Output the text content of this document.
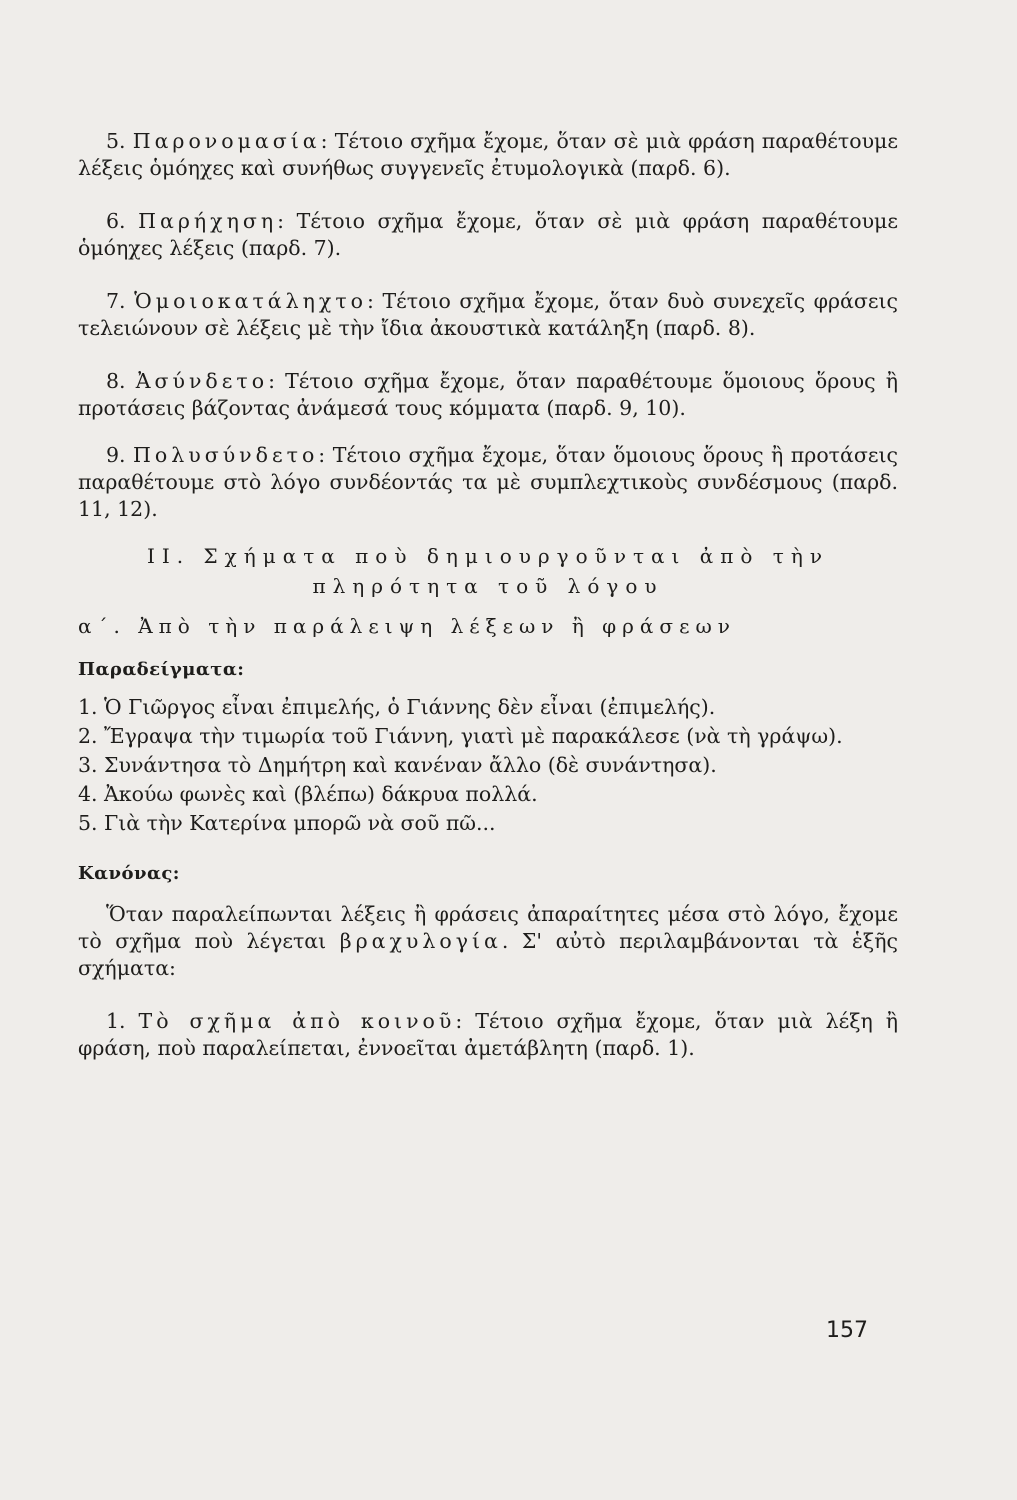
5. Παρονομασία: Τέτοιο σχῆμα ἔχομε, ὅταν σὲ μιὰ φράση παραθέτουμε λέξεις ὁμόηχες καὶ συνήθως συγγενεῖς ἐτυμολογικὰ (παρδ. 6).

6. Παρήχηση: Τέτοιο σχῆμα ἔχομε, ὅταν σὲ μιὰ φράση παραθέτουμε ὁμόηχες λέξεις (παρδ. 7).

7. Ὁμοιοκατάληχτο: Τέτοιο σχῆμα ἔχομε, ὅταν δυὸ συνεχεῖς φράσεις τελειώνουν σὲ λέξεις μὲ τὴν ἴδια ἀκουστικὰ κατάληξη (παρδ. 8).

8. Ἀσύνδετο: Τέτοιο σχῆμα ἔχομε, ὅταν παραθέτουμε ὅμοιους ὅρους ἢ προτάσεις βάζοντας ἀνάμεσά τους κόμματα (παρδ. 9, 10).

9. Πολυσύνδετο: Τέτοιο σχῆμα ἔχομε, ὅταν ὅμοιους ὅρους ἢ προτάσεις παραθέτουμε στὸ λόγο συνδέοντάς τα μὲ συμπλεχτικοὺς συνδέσμους (παρδ. 11, 12).

II. Σχήματα ποὺ δημιουργοῦνται ἀπὸ τὴν

πληρότητα τοῦ λόγου

α΄. Ἀπὸ τὴν παράλειψη λέξεων ἢ φράσεων

Παραδείγματα:

1. Ὁ Γιῶργος εἶναι ἐπιμελής, ὁ Γιάννης δὲν εἶναι (ἐπιμελής).
2. Ἔγραψα τὴν τιμωρία τοῦ Γιάννη, γιατὶ μὲ παρακάλεσε (νὰ τὴ γράψω).
3. Συνάντησα τὸ Δημήτρη καὶ κανέναν ἄλλο (δὲ συνάντησα).
4. Ἀκούω φωνὲς καὶ (βλέπω) δάκρυα πολλά.
5. Γιὰ τὴν Κατερίνα μπορῶ νὰ σοῦ πῶ...

Κανόνας:

Ὅταν παραλείπωνται λέξεις ἢ φράσεις ἀπαραίτητες μέσα στὸ λόγο, ἔχομε τὸ σχῆμα ποὺ λέγεται βραχυλογία. Σ' αὐτὸ περιλαμβάνονται τὰ ἑξῆς σχήματα:

1. Τὸ σχῆμα ἀπὸ κοινοῦ: Τέτοιο σχῆμα ἔχομε, ὅταν μιὰ λέξη ἢ φράση, ποὺ παραλείπεται, ἐννοεῖται ἀμετάβλητη (παρδ. 1).

157
